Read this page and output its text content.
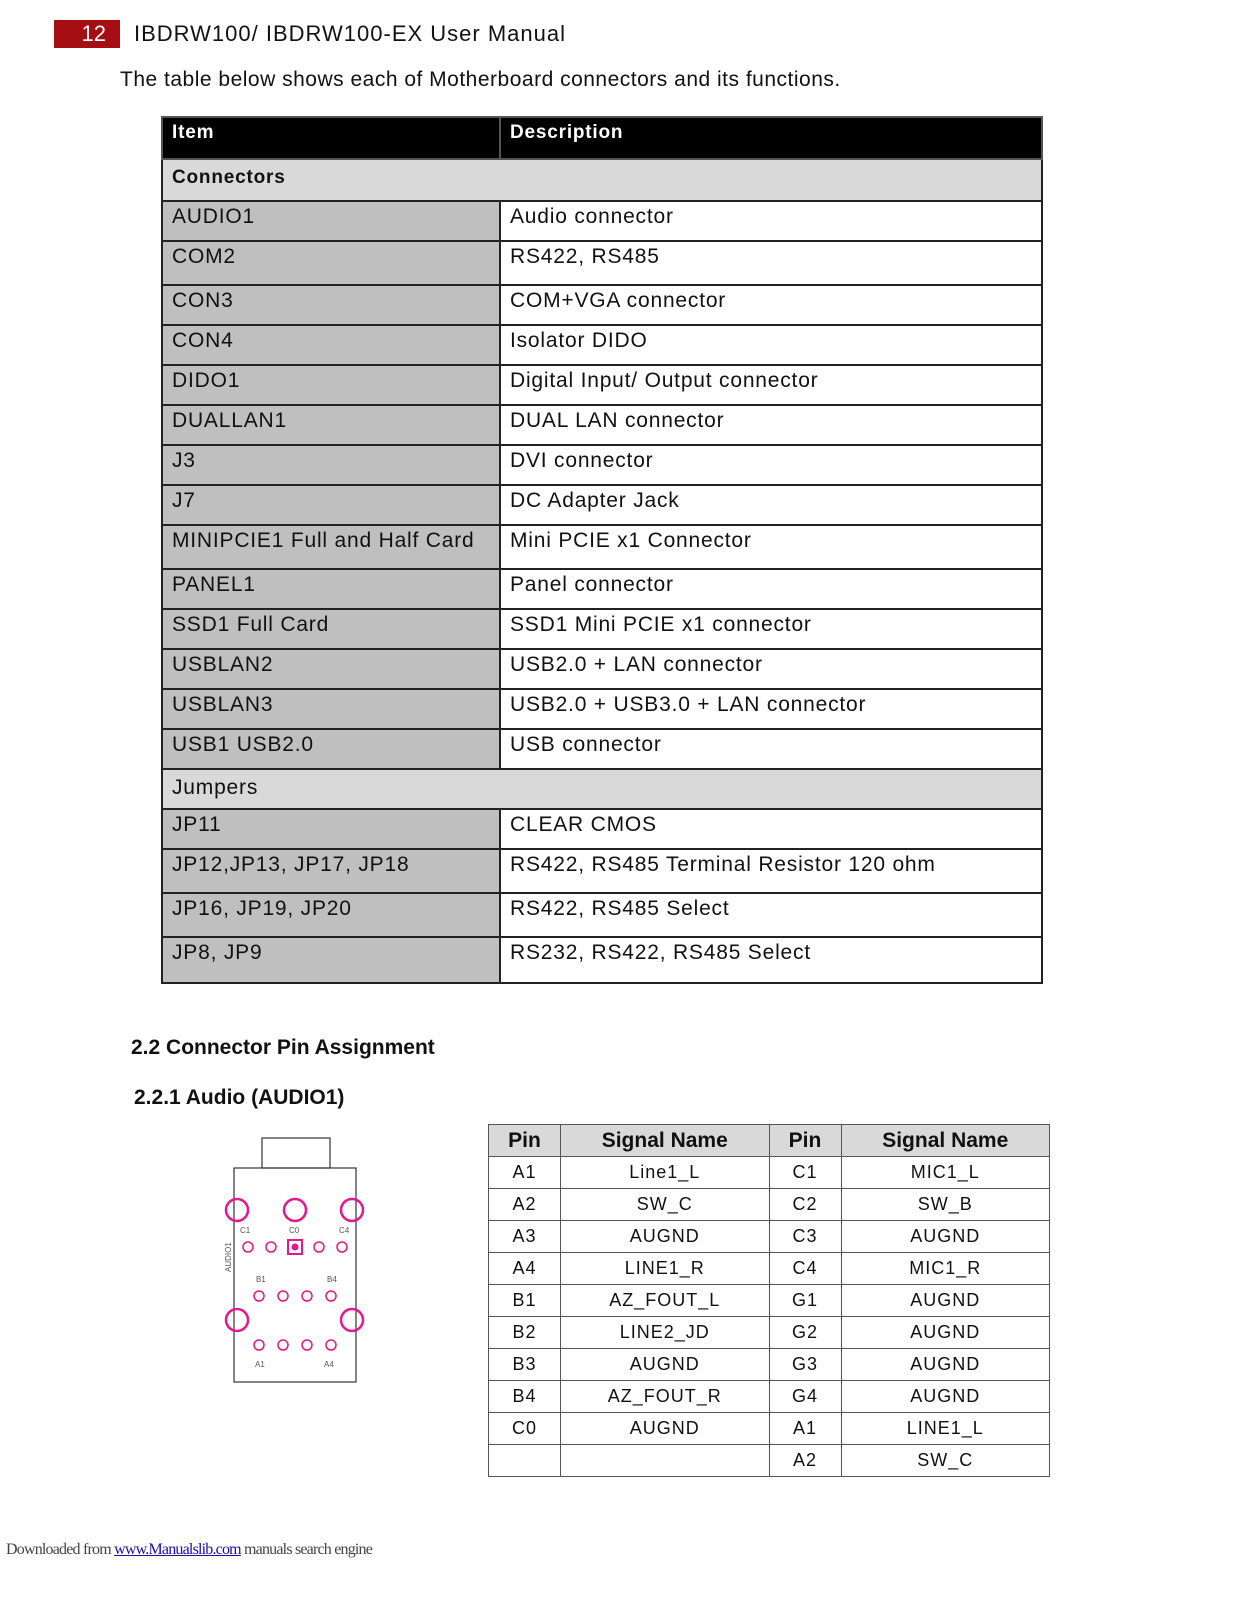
12	IBDRW100/ IBDRW100-EX User Manual
The table below shows each of Motherboard connectors and its functions.
Item	Description
Connectors	
AUDIO1	Audio connector
COM2	RS422, RS485
CON3	COM+VGA connector
CON4	Isolator DIDO
DIDO1	Digital Input/ Output connector
DUALLAN1	DUAL LAN connector
J3	DVI connector
J7	DC Adapter Jack
MINIPCIE1 Full and Half Card	Mini PCIE x1 Connector
PANEL1	Panel connector
SSD1 Full Card	SSD1 Mini PCIE x1 connector
USBLAN2	USB2.0 + LAN connector
USBLAN3	USB2.0 + USB3.0 + LAN connector
USB1 USB2.0	USB connector
Jumpers	
JP11	CLEAR CMOS
JP12,JP13, JP17, JP18	RS422, RS485 Terminal Resistor 120 ohm
JP16, JP19, JP20	RS422, RS485 Select
JP8, JP9	RS232, RS422, RS485 Select
2.2 Connector Pin Assignment
2.2.1 Audio (AUDIO1)
C1	C0	C4
B1	B4
A1	A4
AUDIO1
Pin	Signal Name	Pin	Signal Name
A1	Line1_L	C1	MIC1_L
A2	SW_C	C2	SW_B
A3	AUGND	C3	AUGND
A4	LINE1_R	C4	MIC1_R
B1	AZ_FOUT_L	G1	AUGND
B2	LINE2_JD	G2	AUGND
B3	AUGND	G3	AUGND
B4	AZ_FOUT_R	G4	AUGND
C0	AUGND	A1	LINE1_L
		A2	SW_C
Downloaded from www.Manualslib.com manuals search engine
